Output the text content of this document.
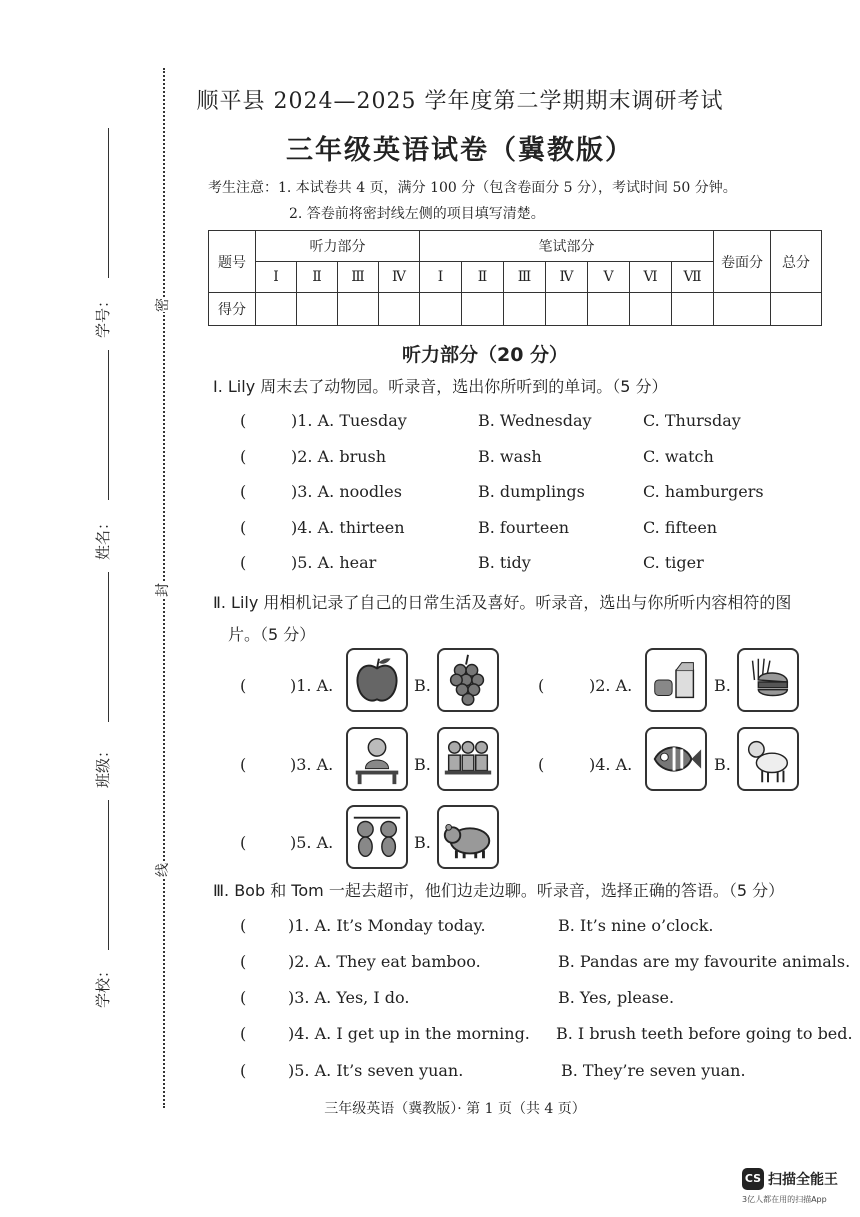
学号：
姓名：
班级：
学校：
密
封
线
顺平县 2024—2025 学年度第二学期期末调研考试
三年级英语试卷（冀教版）
考生注意：1. 本试卷共 4 页，满分 100 分（包含卷面分 5 分），考试时间 50 分钟。
2. 答卷前将密封线左侧的项目填写清楚。
题号	听力部分				笔试部分							卷面分	总分
	Ⅰ	Ⅱ	Ⅲ	Ⅳ	Ⅰ	Ⅱ	Ⅲ	Ⅳ	Ⅴ	Ⅵ	Ⅶ		
得分													
听力部分（20 分）
Ⅰ. Lily 周末去了动物园。听录音，选出你所听到的单词。（5 分）
(	)1. A. Tuesday	B. Wednesday	C. Thursday
(	)2. A. brush	B. wash	C. watch
(	)3. A. noodles	B. dumplings	C. hamburgers
(	)4. A. thirteen	B. fourteen	C. fifteen
(	)5. A. hear	B. tidy	C. tiger
Ⅱ. Lily 用相机记录了自己的日常生活及喜好。听录音，选出与你所听内容相符的图
片。（5 分）
(	)1. A.	B.	(	)2. A.	B.
(	)3. A.	B.	(	)4. A.	B.
(	)5. A.	B.
Ⅲ. Bob 和 Tom 一起去超市，他们边走边聊。听录音，选择正确的答语。（5 分）
(	)1. A. It’s Monday today.	B. It’s nine o’clock.
(	)2. A. They eat bamboo.	B. Pandas are my favourite animals.
(	)3. A. Yes, I do.	B. Yes, please.
(	)4. A. I get up in the morning. B. I brush teeth before going to bed.
(	)5. A. It’s seven yuan.	B. They’re seven yuan.
三年级英语（冀教版）· 第 1 页（共 4 页）
CS 扫描全能王
3亿人都在用的扫描App
